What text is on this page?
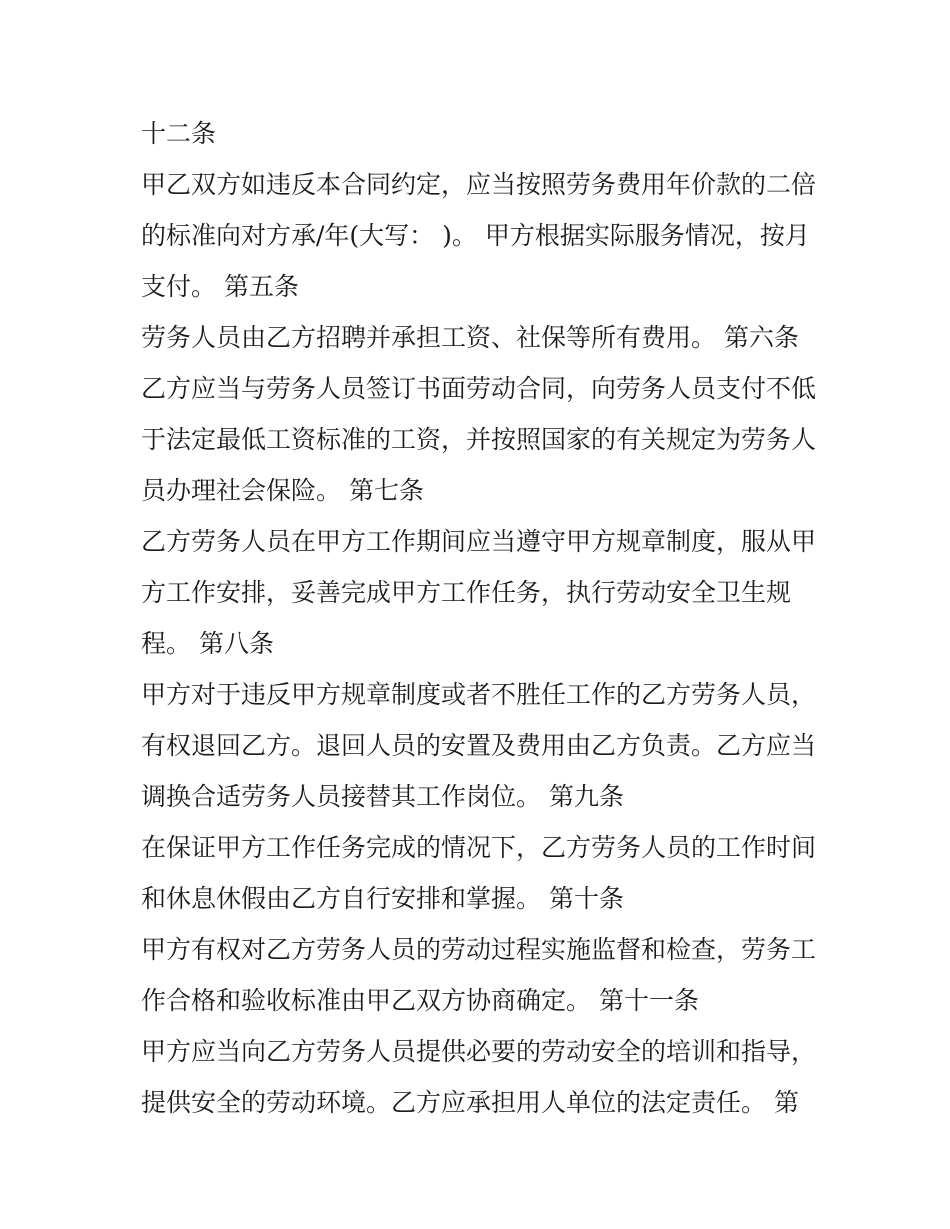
十二条
甲乙双方如违反本合同约定，应当按照劳务费用年价款的二倍
的标准向对方承/年(大写： )。 甲方根据实际服务情况，按月
支付。 第五条
劳务人员由乙方招聘并承担工资、社保等所有费用。 第六条
乙方应当与劳务人员签订书面劳动合同，向劳务人员支付不低
于法定最低工资标准的工资，并按照国家的有关规定为劳务人
员办理社会保险。 第七条
乙方劳务人员在甲方工作期间应当遵守甲方规章制度，服从甲
方工作安排，妥善完成甲方工作任务，执行劳动安全卫生规
程。 第八条
甲方对于违反甲方规章制度或者不胜任工作的乙方劳务人员，
有权退回乙方。退回人员的安置及费用由乙方负责。乙方应当
调换合适劳务人员接替其工作岗位。 第九条
在保证甲方工作任务完成的情况下，乙方劳务人员的工作时间
和休息休假由乙方自行安排和掌握。 第十条
甲方有权对乙方劳务人员的劳动过程实施监督和检查，劳务工
作合格和验收标准由甲乙双方协商确定。 第十一条
甲方应当向乙方劳务人员提供必要的劳动安全的培训和指导，
提供安全的劳动环境。乙方应承担用人单位的法定责任。 第
